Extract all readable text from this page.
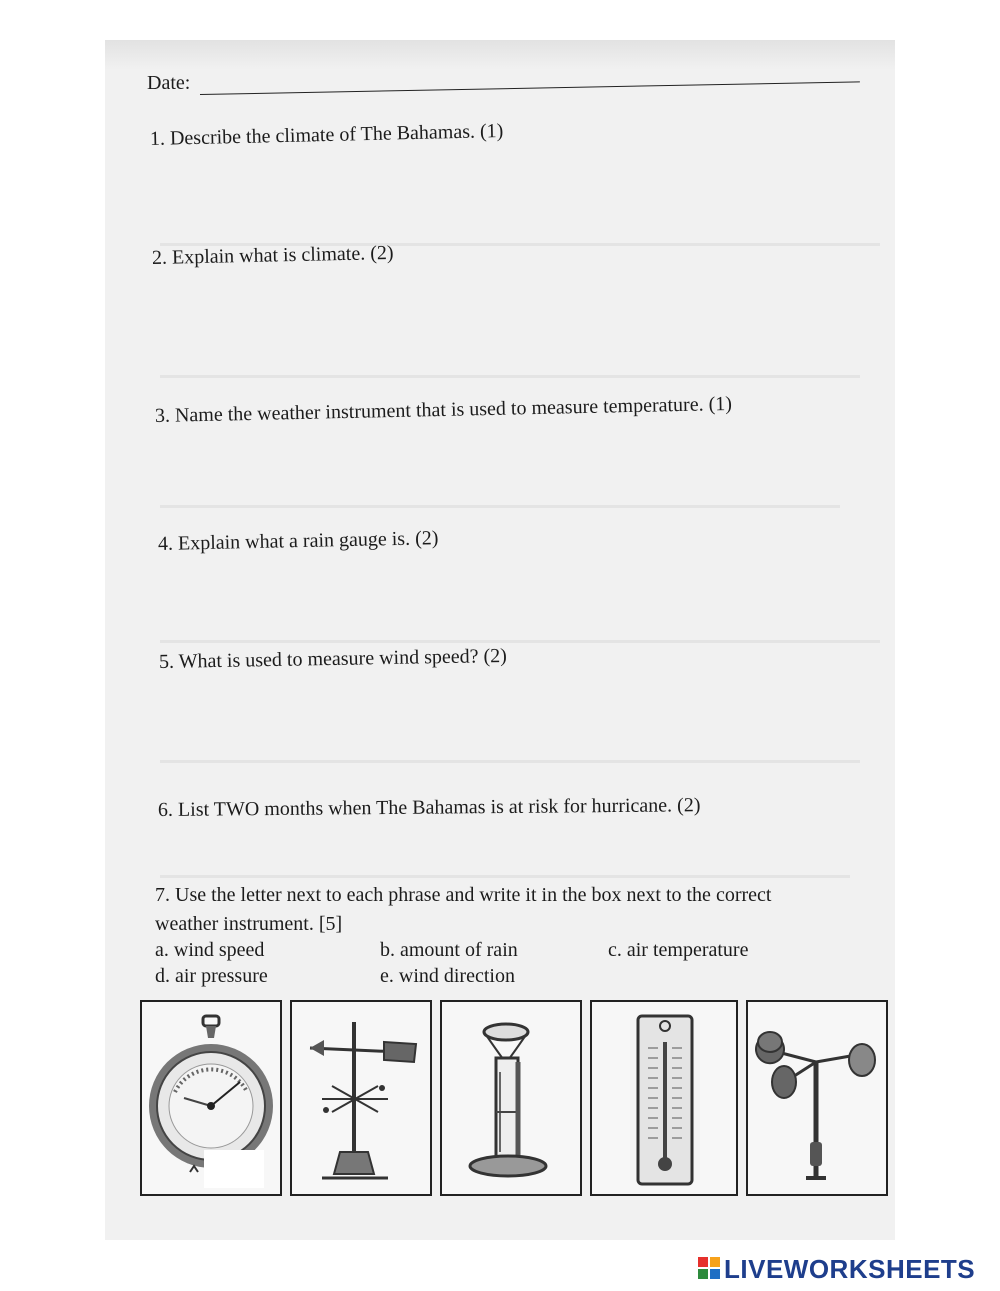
Date:
1. Describe the climate of The Bahamas. (1)
2. Explain what is climate. (2)
3. Name the weather instrument that is used to measure temperature. (1)
4. Explain what a rain gauge is. (2)
5. What is used to measure wind speed? (2)
6. List TWO months when The Bahamas is at risk for hurricane. (2)
7. Use the letter next to each phrase and write it in the box next to the correct
weather instrument. [5]
a. wind speed	b. amount of rain	c. air temperature
d. air pressure	e. wind direction
LIVEWORKSHEETS
